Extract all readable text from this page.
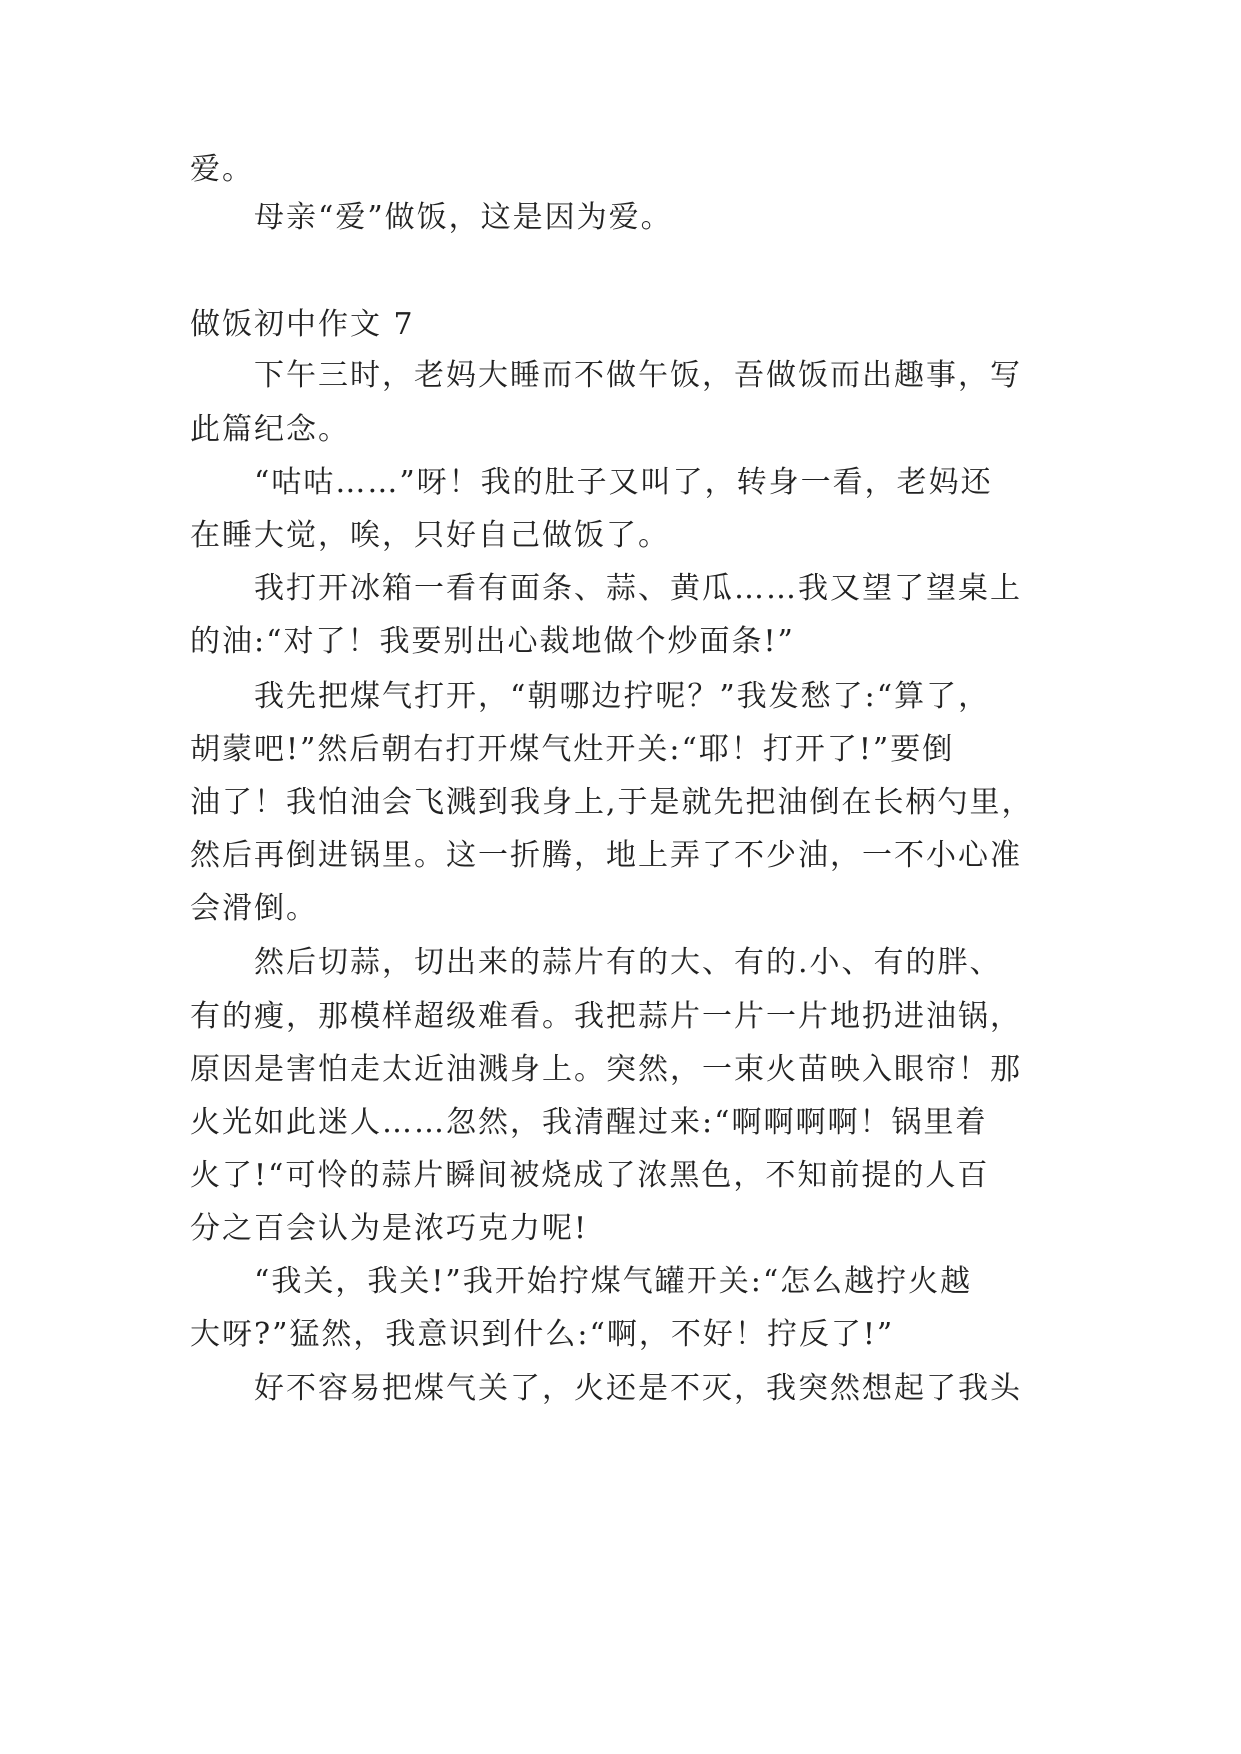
爱。
母亲“爱”做饭，这是因为爱。
做饭初中作文 7
下午三时，老妈大睡而不做午饭，吾做饭而出趣事，写
此篇纪念。
“咕咕……”呀！我的肚子又叫了，转身一看，老妈还
在睡大觉，唉，只好自己做饭了。
我打开冰箱一看有面条、蒜、黄瓜……我又望了望桌上
的油:“对了！我要别出心裁地做个炒面条!”
我先把煤气打开，“朝哪边拧呢？”我发愁了:“算了，
胡蒙吧!”然后朝右打开煤气灶开关:“耶！打开了!”要倒
油了！我怕油会飞溅到我身上,于是就先把油倒在长柄勺里，
然后再倒进锅里。这一折腾，地上弄了不少油，一不小心准
会滑倒。
然后切蒜，切出来的蒜片有的大、有的.小、有的胖、
有的瘦，那模样超级难看。我把蒜片一片一片地扔进油锅，
原因是害怕走太近油溅身上。突然，一束火苗映入眼帘！那
火光如此迷人……忽然，我清醒过来:“啊啊啊啊！锅里着
火了!“可怜的蒜片瞬间被烧成了浓黑色，不知前提的人百
分之百会认为是浓巧克力呢!
“我关，我关!”我开始拧煤气罐开关:“怎么越拧火越
大呀?”猛然，我意识到什么:“啊，不好！拧反了!”
好不容易把煤气关了，火还是不灭，我突然想起了我头
